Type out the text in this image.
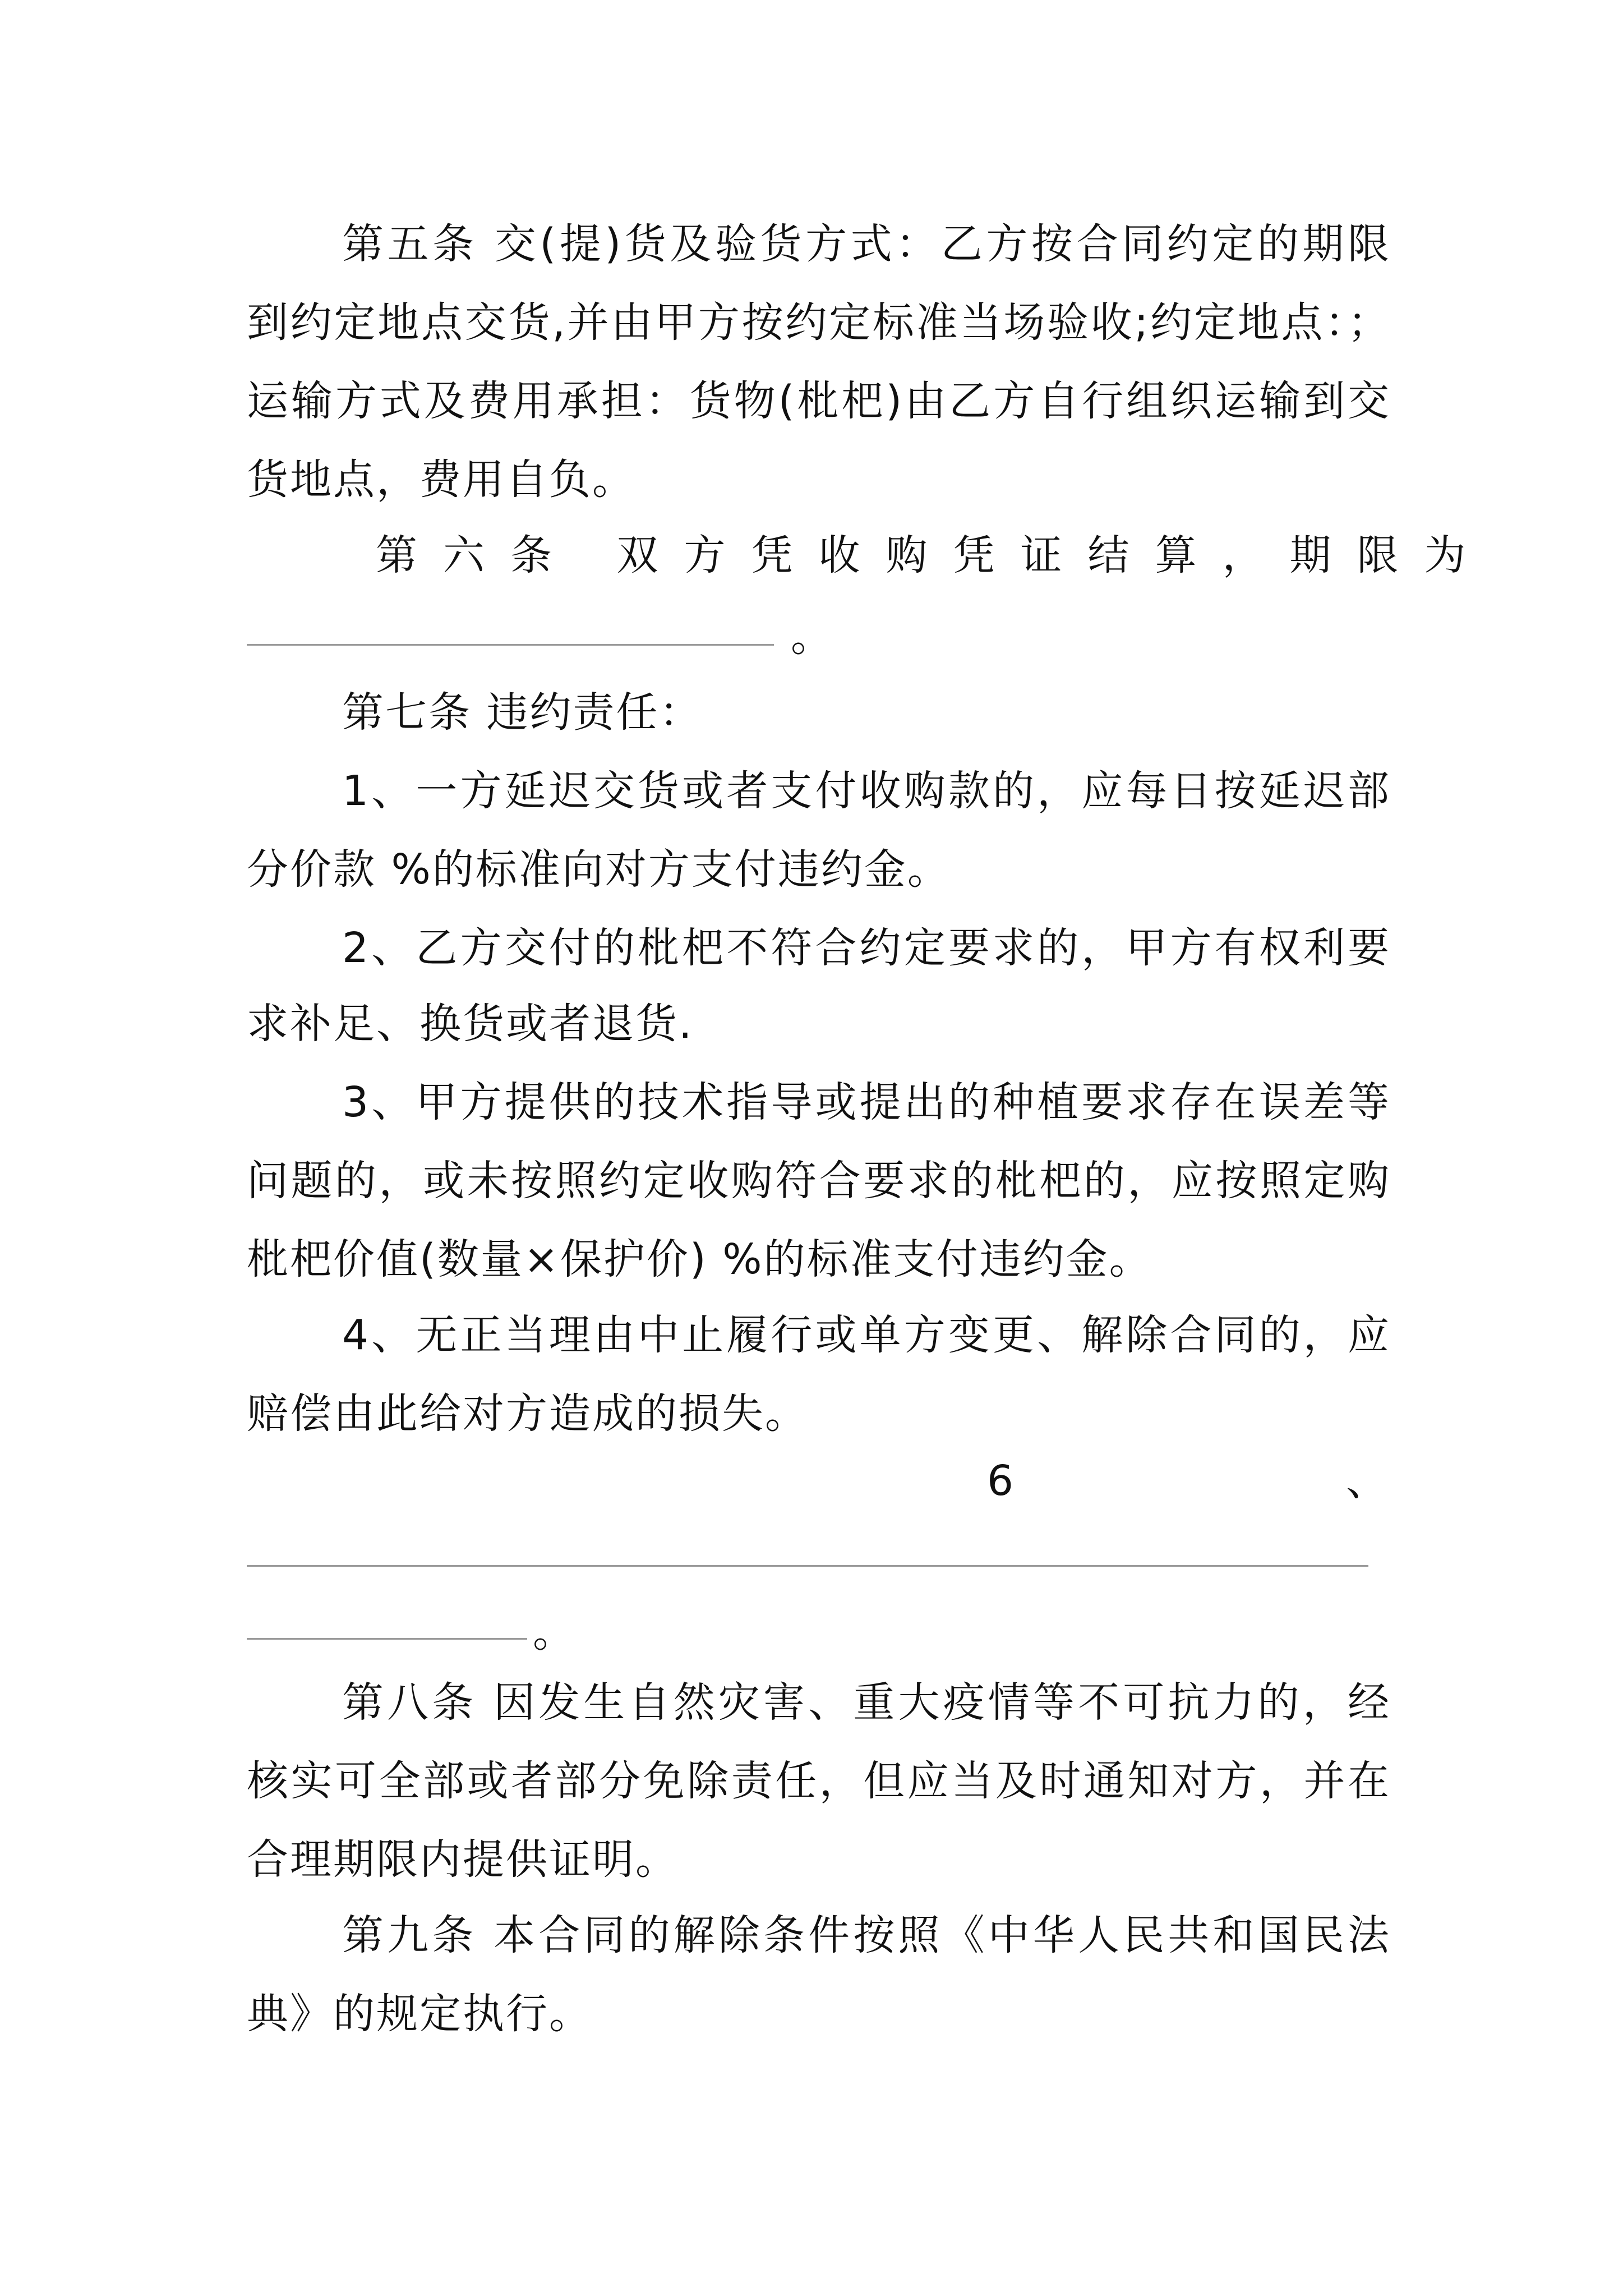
第五条 交(提)货及验货方式：乙方按合同约定的期限
到约定地点交货,并由甲方按约定标准当场验收;约定地点：；
运输方式及费用承担：货物(枇杷)由乙方自行组织运输到交
货地点，费用自负。
第六条 双方凭收购凭证结算，期限为
。
第七条 违约责任：
1、一方延迟交货或者支付收购款的，应每日按延迟部
分价款 %的标准向对方支付违约金。
2、乙方交付的枇杷不符合约定要求的，甲方有权利要
求补足、换货或者退货.
3、甲方提供的技术指导或提出的种植要求存在误差等
问题的，或未按照约定收购符合要求的枇杷的，应按照定购
枇杷价值(数量×保护价) %的标准支付违约金。
4、无正当理由中止履行或单方变更、解除合同的，应
赔偿由此给对方造成的损失。
6	、
。
第八条 因发生自然灾害、重大疫情等不可抗力的，经
核实可全部或者部分免除责任，但应当及时通知对方，并在
合理期限内提供证明。
第九条 本合同的解除条件按照《中华人民共和国民法
典》的规定执行。
